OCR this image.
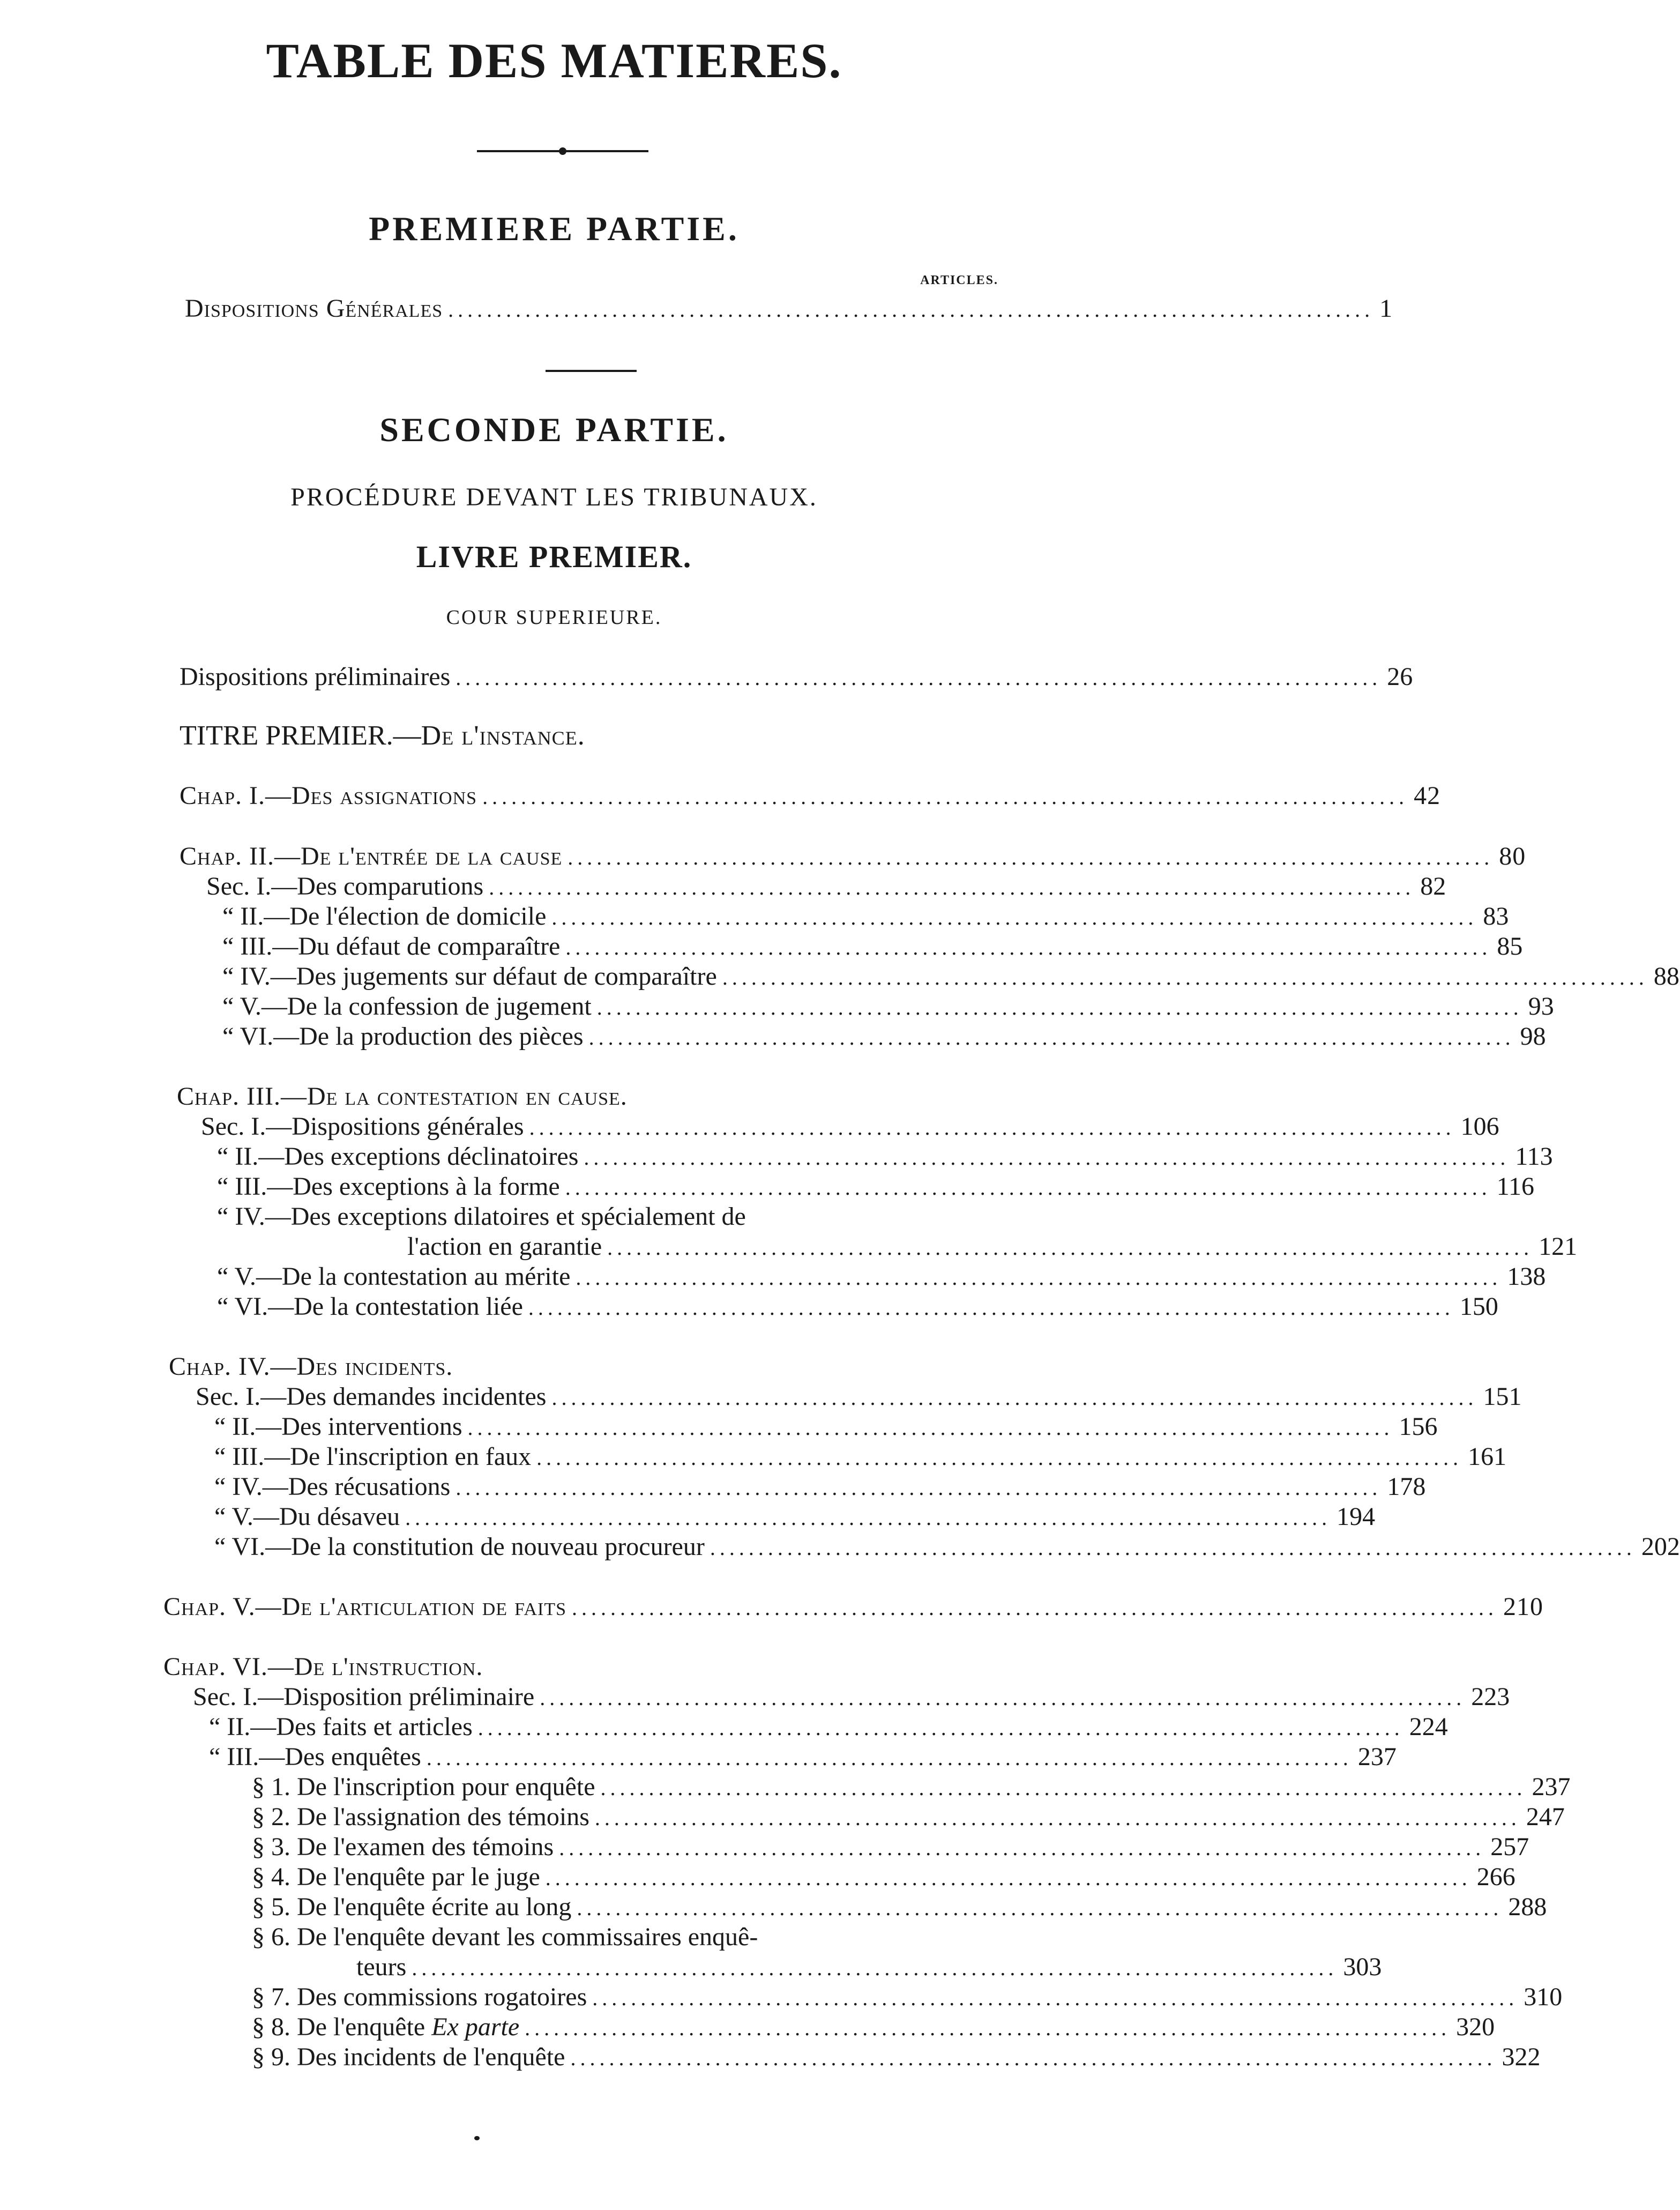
TABLE DES MATIERES.
PREMIERE PARTIE.
ARTICLES.
Dispositions Générales ................................................................................................ 1
SECONDE PARTIE.
PROCÉDURE DEVANT LES TRIBUNAUX.
LIVRE PREMIER.
COUR SUPERIEURE.
Dispositions préliminaires ................................................................................................ 26
TITRE PREMIER.—De l'instance.
Chap. I.—Des assignations ................................................................................................ 42
Chap. II.—De l'entrée de la cause ................................................................................................ 80
Sec. I.—Des comparutions ................................................................................................ 82
“ II.—De l'élection de domicile ................................................................................................ 83
“ III.—Du défaut de comparaître ................................................................................................ 85
“ IV.—Des jugements sur défaut de comparaître ................................................................................................ 88
“ V.—De la confession de jugement ................................................................................................ 93
“ VI.—De la production des pièces ................................................................................................ 98
Chap. III.—De la contestation en cause.
Sec. I.—Dispositions générales ................................................................................................ 106
“ II.—Des exceptions déclinatoires ................................................................................................ 113
“ III.—Des exceptions à la forme ................................................................................................ 116
“ IV.—Des exceptions dilatoires et spécialement de
l'action en garantie ................................................................................................ 121
“ V.—De la contestation au mérite ................................................................................................ 138
“ VI.—De la contestation liée ................................................................................................ 150
Chap. IV.—Des incidents.
Sec. I.—Des demandes incidentes ................................................................................................ 151
“ II.—Des interventions ................................................................................................ 156
“ III.—De l'inscription en faux ................................................................................................ 161
“ IV.—Des récusations ................................................................................................ 178
“ V.—Du désaveu ................................................................................................ 194
“ VI.—De la constitution de nouveau procureur ................................................................................................ 202
Chap. V.—De l'articulation de faits ................................................................................................ 210
Chap. VI.—De l'instruction.
Sec. I.—Disposition préliminaire ................................................................................................ 223
“ II.—Des faits et articles ................................................................................................ 224
“ III.—Des enquêtes ................................................................................................ 237
§ 1. De l'inscription pour enquête ................................................................................................ 237
§ 2. De l'assignation des témoins ................................................................................................ 247
§ 3. De l'examen des témoins ................................................................................................ 257
§ 4. De l'enquête par le juge ................................................................................................ 266
§ 5. De l'enquête écrite au long ................................................................................................ 288
§ 6. De l'enquête devant les commissaires enquê-
teurs ................................................................................................ 303
§ 7. Des commissions rogatoires ................................................................................................ 310
§ 8. De l'enquête Ex parte ................................................................................................ 320
§ 9. Des incidents de l'enquête ................................................................................................ 322
